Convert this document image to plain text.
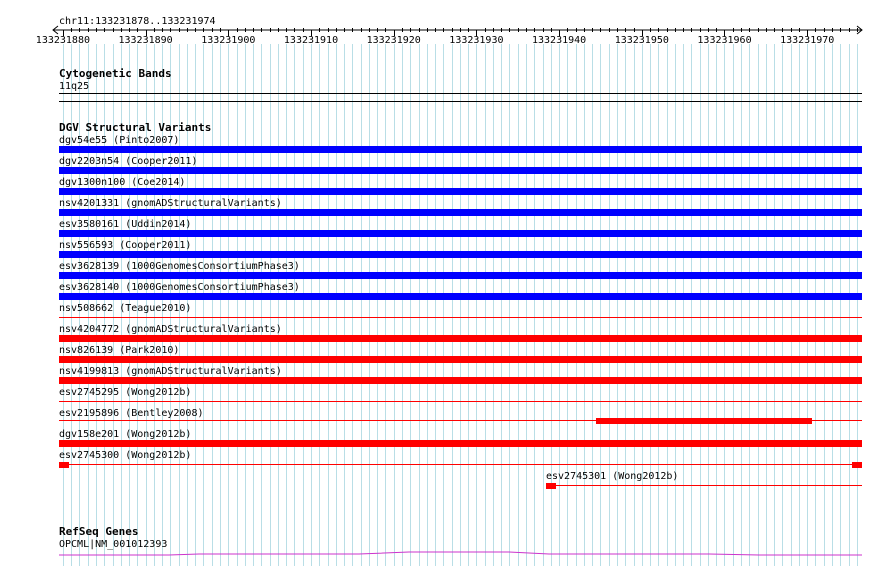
chr11:133231878..133231974
133231880	133231890	133231900	133231910	133231920	133231930	133231940	133231950	133231960	133231970
Cytogenetic Bands
11q25
DGV Structural Variants
dgv54e55 (Pinto2007)
dgv2203n54 (Cooper2011)
dgv1300n100 (Coe2014)
nsv4201331 (gnomADStructuralVariants)
esv3580161 (Uddin2014)
nsv556593 (Cooper2011)
esv3628139 (1000GenomesConsortiumPhase3)
esv3628140 (1000GenomesConsortiumPhase3)
nsv508662 (Teague2010)
nsv4204772 (gnomADStructuralVariants)
nsv826139 (Park2010)
nsv4199813 (gnomADStructuralVariants)
esv2745295 (Wong2012b)
esv2195896 (Bentley2008)
dgv158e201 (Wong2012b)
esv2745300 (Wong2012b)
esv2745301 (Wong2012b)
RefSeq Genes
OPCML|NM_001012393
